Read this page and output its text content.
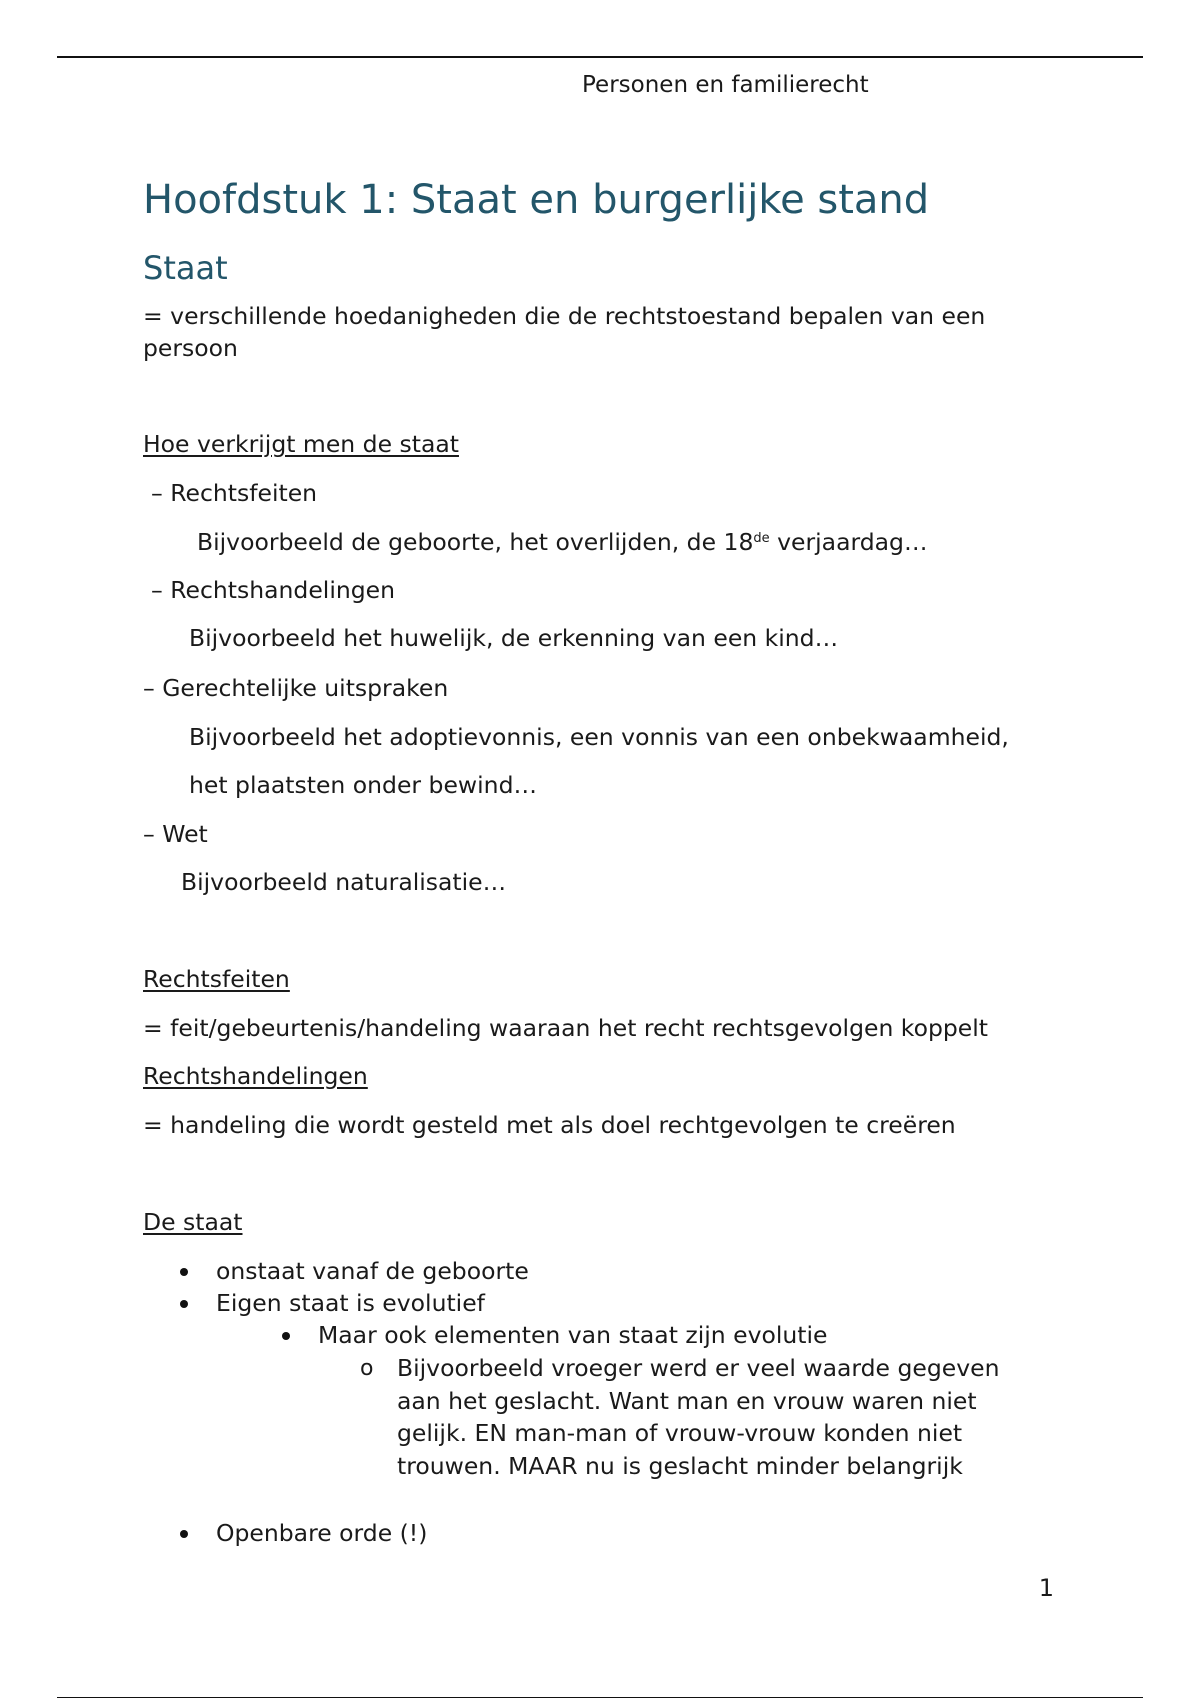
Personen en familierecht
Hoofdstuk 1: Staat en burgerlijke stand
Staat
= verschillende hoedanigheden die de rechtstoestand bepalen van een
persoon
Hoe verkrijgt men de staat
– Rechtsfeiten
Bijvoorbeeld de geboorte, het overlijden, de 18de verjaardag…
– Rechtshandelingen
Bijvoorbeeld het huwelijk, de erkenning van een kind…
– Gerechtelijke uitspraken
Bijvoorbeeld het adoptievonnis, een vonnis van een onbekwaamheid,
het plaatsten onder bewind…
– Wet
Bijvoorbeeld naturalisatie…
Rechtsfeiten
= feit/gebeurtenis/handeling waaraan het recht rechtsgevolgen koppelt
Rechtshandelingen
= handeling die wordt gesteld met als doel rechtgevolgen te creëren
De staat
onstaat vanaf de geboorte
Eigen staat is evolutief
Maar ook elementen van staat zijn evolutie
o Bijvoorbeeld vroeger werd er veel waarde gegeven
aan het geslacht. Want man en vrouw waren niet
gelijk. EN man-man of vrouw-vrouw konden niet
trouwen. MAAR nu is geslacht minder belangrijk
Openbare orde (!)
1
